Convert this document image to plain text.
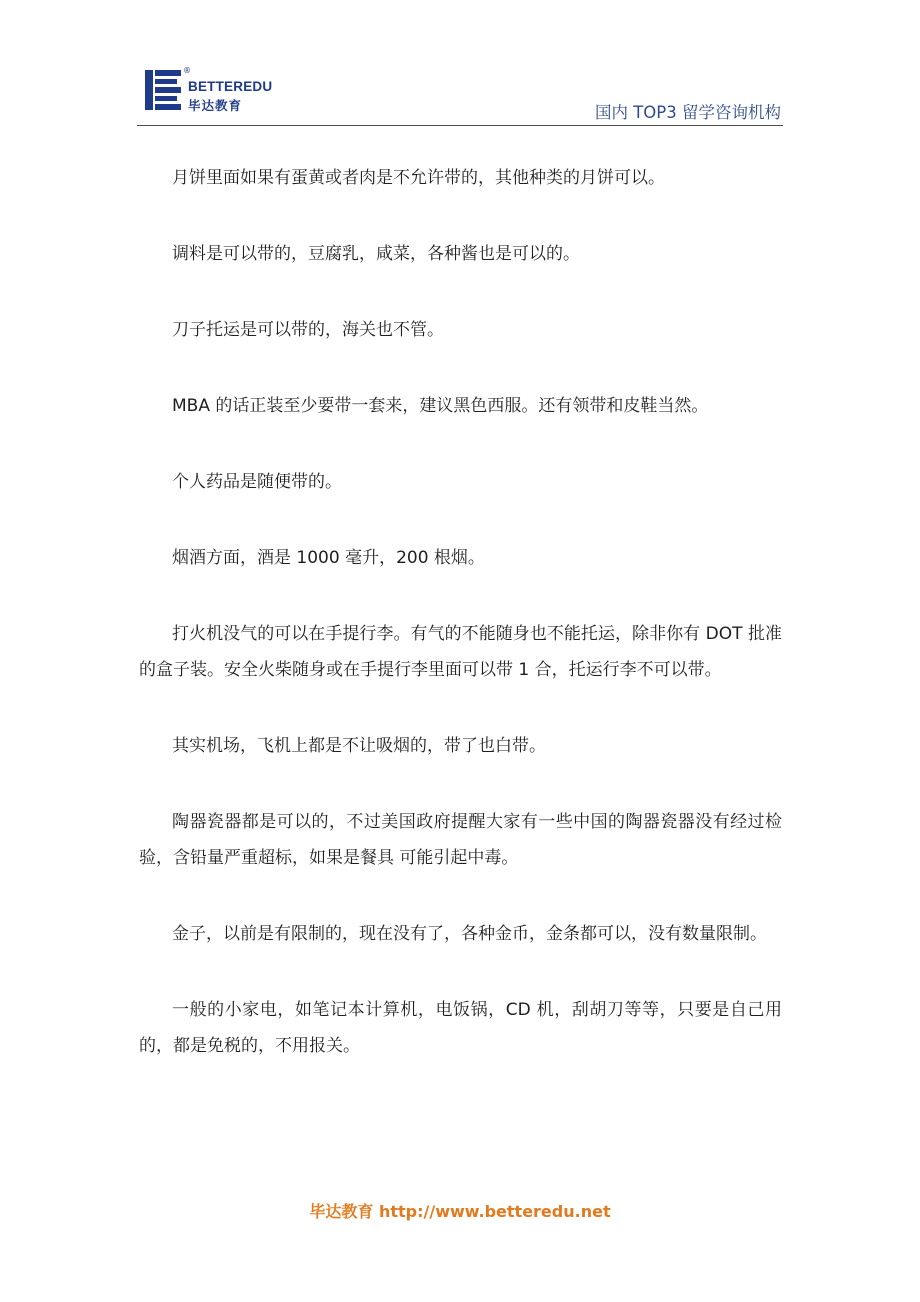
®
BETTEREDU
毕达教育	国内 TOP3 留学咨询机构

月饼里面如果有蛋黄或者肉是不允许带的，其他种类的月饼可以。

调料是可以带的，豆腐乳，咸菜，各种酱也是可以的。

刀子托运是可以带的，海关也不管。

MBA 的话正装至少要带一套来，建议黑色西服。还有领带和皮鞋当然。

个人药品是随便带的。

烟酒方面，酒是 1000 毫升，200 根烟。

打火机没气的可以在手提行李。有气的不能随身也不能托运，除非你有 DOT 批准的盒子装。安全火柴随身或在手提行李里面可以带 1 合，托运行李不可以带。

其实机场，飞机上都是不让吸烟的，带了也白带。

陶器瓷器都是可以的，不过美国政府提醒大家有一些中国的陶器瓷器没有经过检验，含铅量严重超标，如果是餐具 可能引起中毒。

金子，以前是有限制的，现在没有了，各种金币，金条都可以，没有数量限制。

一般的小家电，如笔记本计算机，电饭锅，CD 机，刮胡刀等等，只要是自己用的，都是免税的，不用报关。

毕达教育 http://www.betteredu.net
